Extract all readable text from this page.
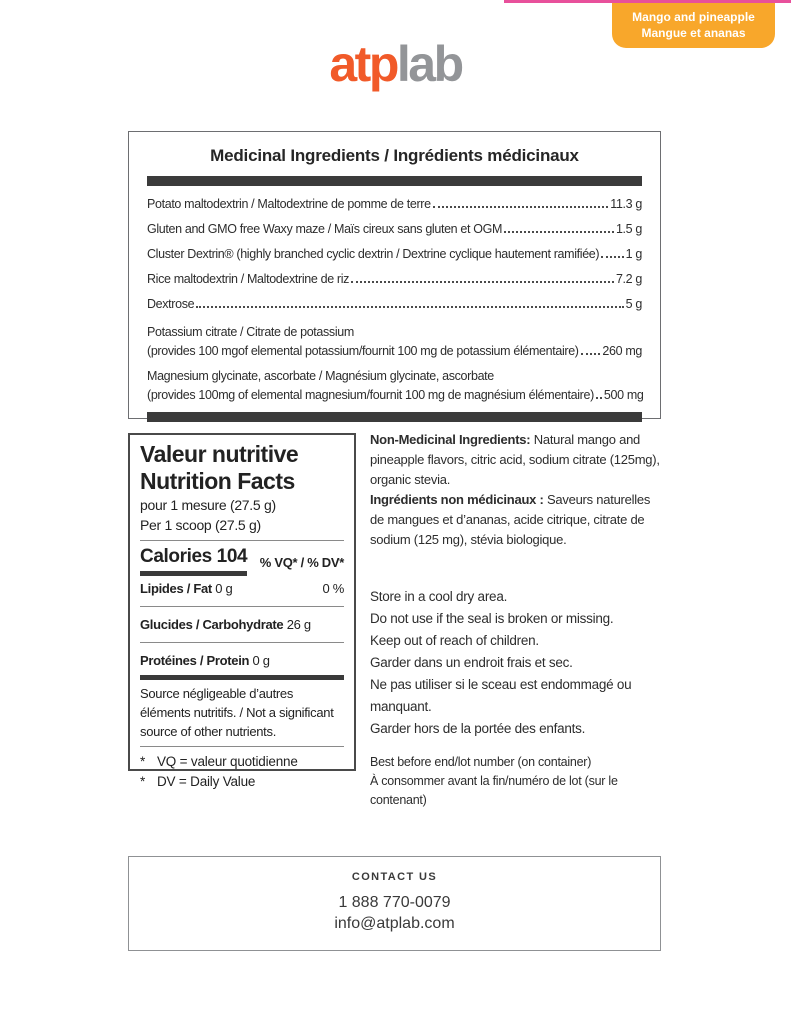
Mango and pineapple
Mangue et ananas
atplab
Medicinal Ingredients / Ingrédients médicinaux
Potato maltodextrin / Maltodextrine de pomme de terre	11.3 g
Gluten and GMO free Waxy maze / Maïs cireux sans gluten et OGM	1.5 g
Cluster Dextrin® (highly branched cyclic dextrin / Dextrine cyclique hautement ramifiée) 1 g
Rice maltodextrin / Maltodextrine de riz	7.2 g
Dextrose	5 g
Potassium citrate / Citrate de potassium
(provides 100 mgof elemental potassium/fournit 100 mg de potassium élémentaire) 260 mg
Magnesium glycinate, ascorbate / Magnésium glycinate, ascorbate
(provides 100mg of elemental magnesium/fournit 100 mg de magnésium élémentaire) 500 mg
Valeur nutritive
Nutrition Facts
pour 1 mesure (27.5 g)
Per 1 scoop (27.5 g)
Calories 104 % VQ* / % DV*
Lipides / Fat 0 g	0 %
Glucides / Carbohydrate 26 g
Protéines / Protein 0 g
Source négligeable d’autres éléments nutritifs. / Not a significant source of other nutrients.
* VQ = valeur quotidienne
* DV = Daily Value
Non-Medicinal Ingredients: Natural mango and pineapple flavors, citric acid, sodium citrate (125mg), organic stevia.
Ingrédients non médicinaux : Saveurs naturelles de mangues et d’ananas, acide citrique, citrate de sodium (125 mg), stévia biologique.
Store in a cool dry area.
Do not use if the seal is broken or missing.
Keep out of reach of children.
Garder dans un endroit frais et sec.
Ne pas utiliser si le sceau est endommagé ou manquant.
Garder hors de la portée des enfants.
Best before end/lot number (on container)
À consommer avant la fin/numéro de lot (sur le contenant)
CONTACT US
1 888 770-0079
info@atplab.com
